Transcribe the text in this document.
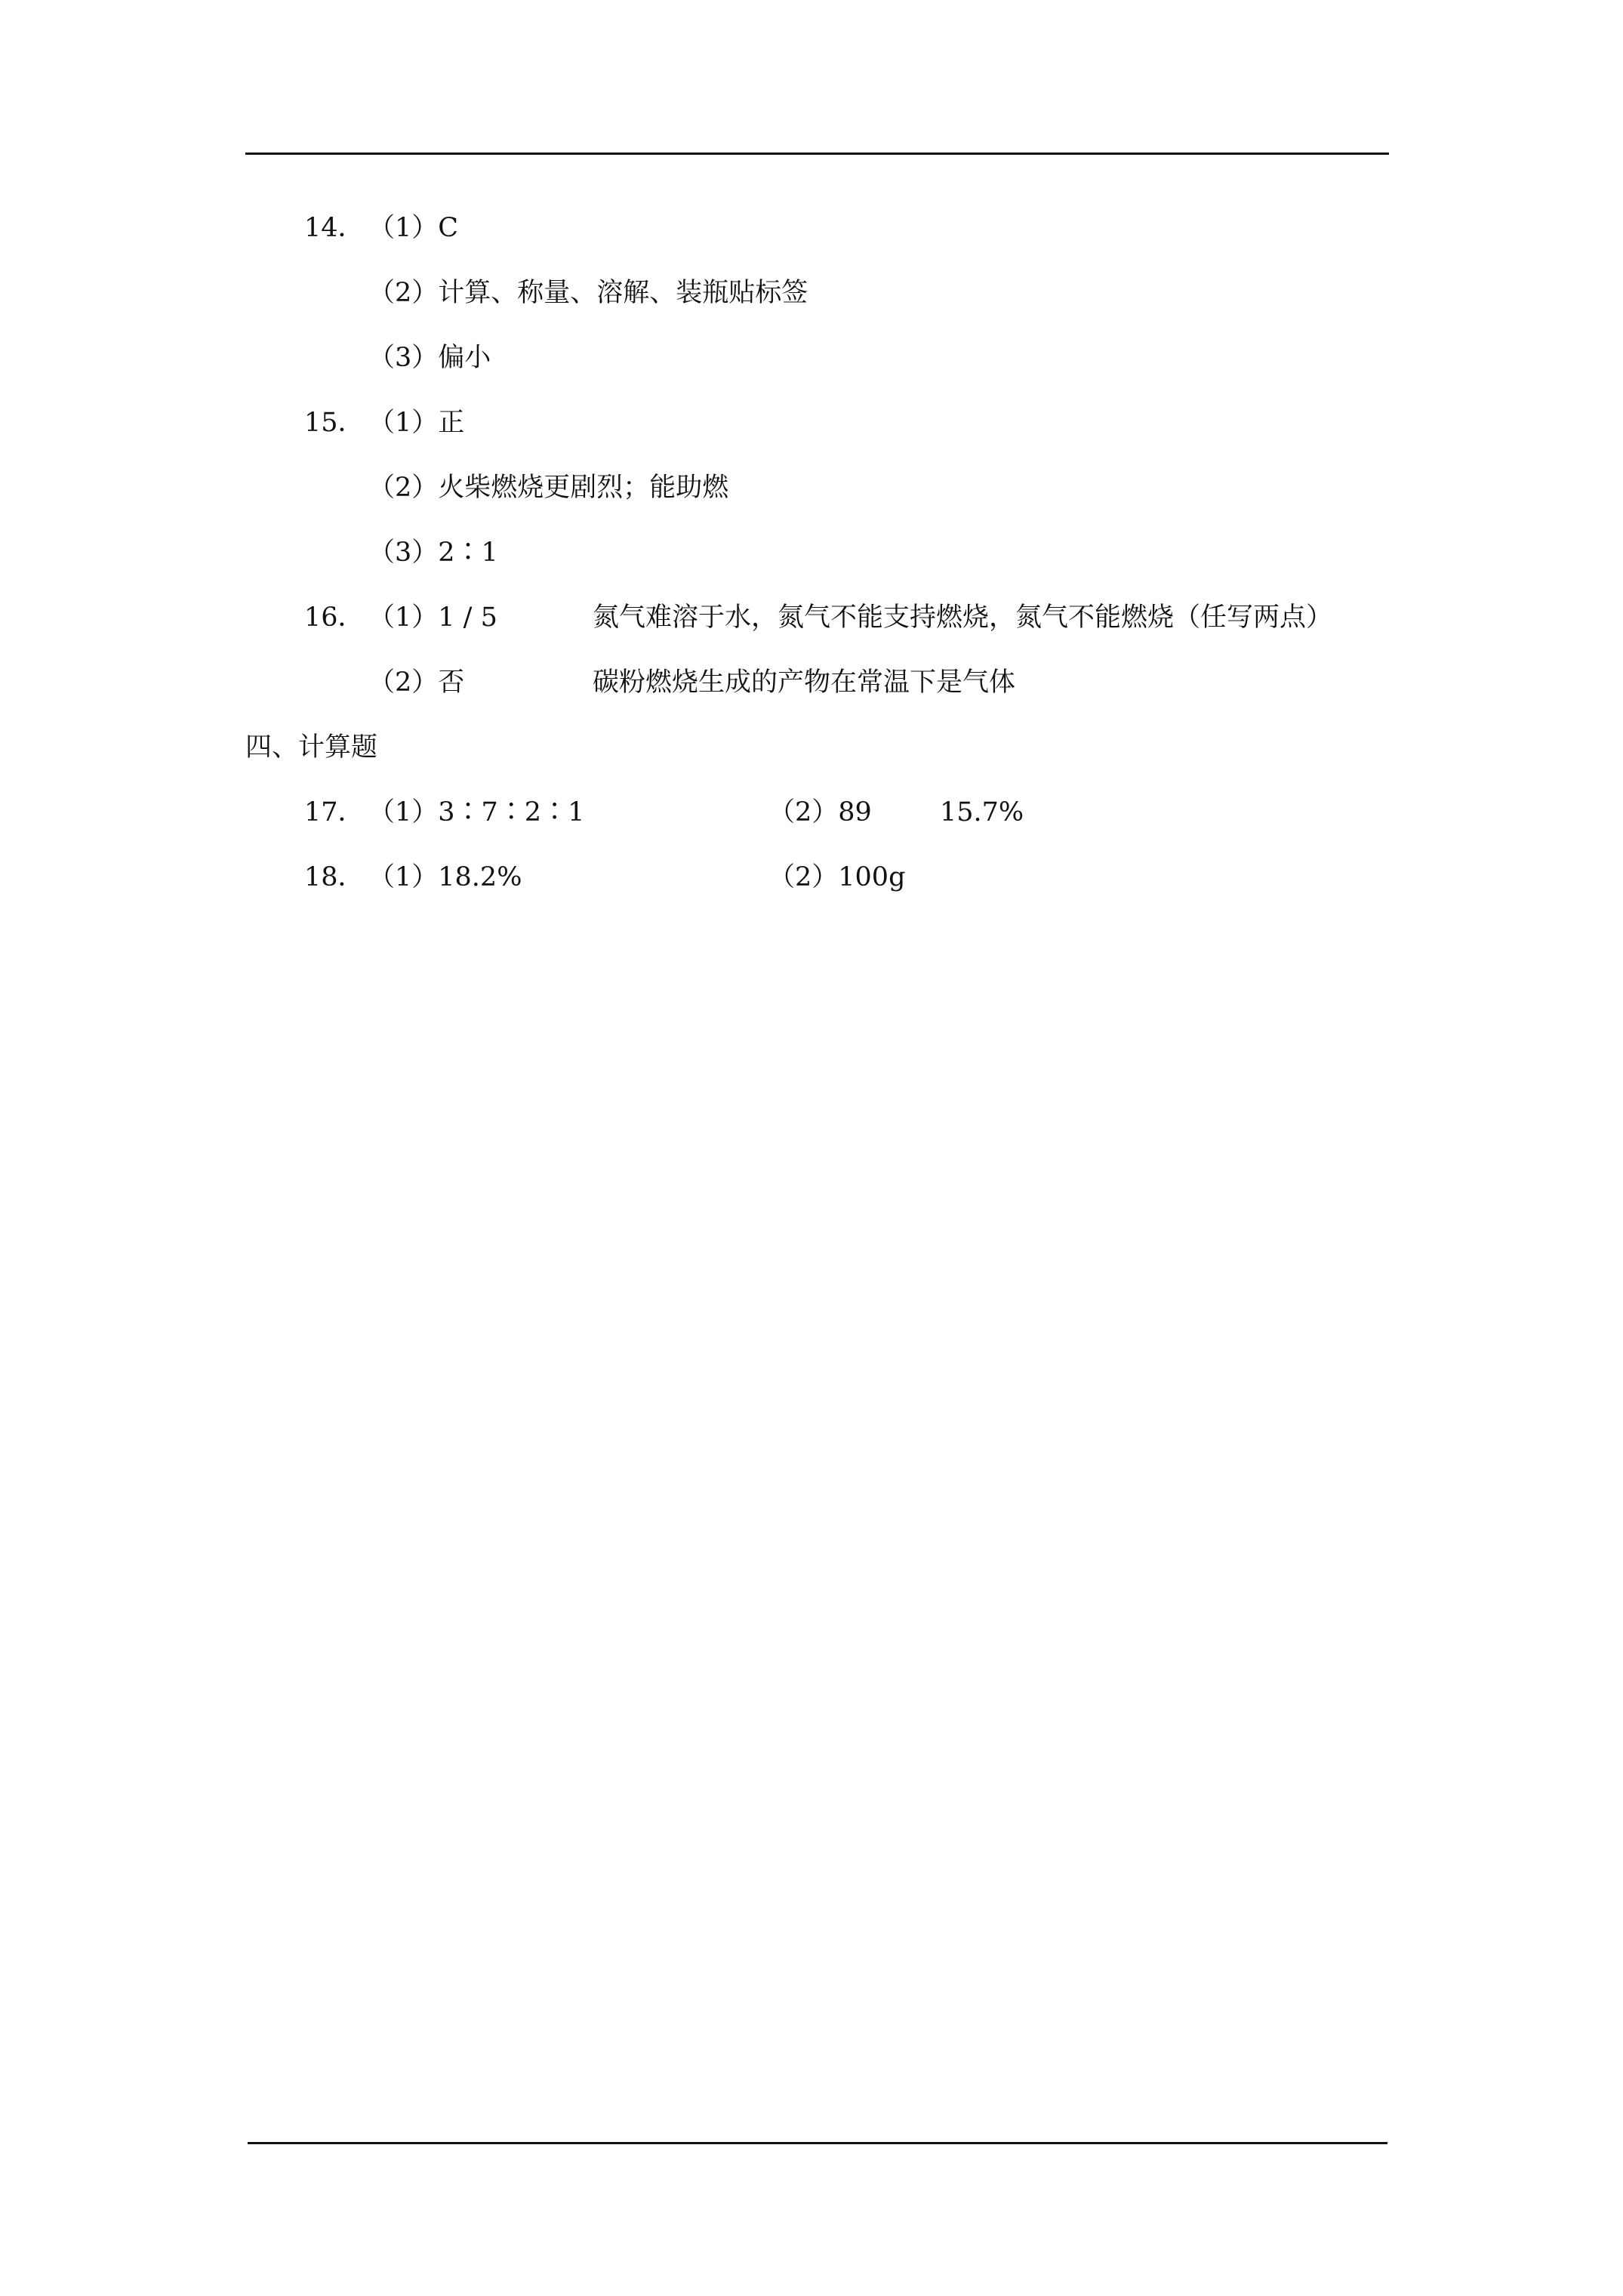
14． （1）C
（2）计算、称量、溶解、装瓶贴标签
（3）偏小
15． （1）正
（2）火柴燃烧更剧烈；能助燃
（3）2∶1
16． （1）1 / 5	氮气难溶于水，氮气不能支持燃烧，氮气不能燃烧（任写两点）
（2）否	碳粉燃烧生成的产物在常温下是气体
四、计算题
17． （1）3∶7∶2∶1	（2）89	15.7%
18． （1）18.2%	（2）100g
